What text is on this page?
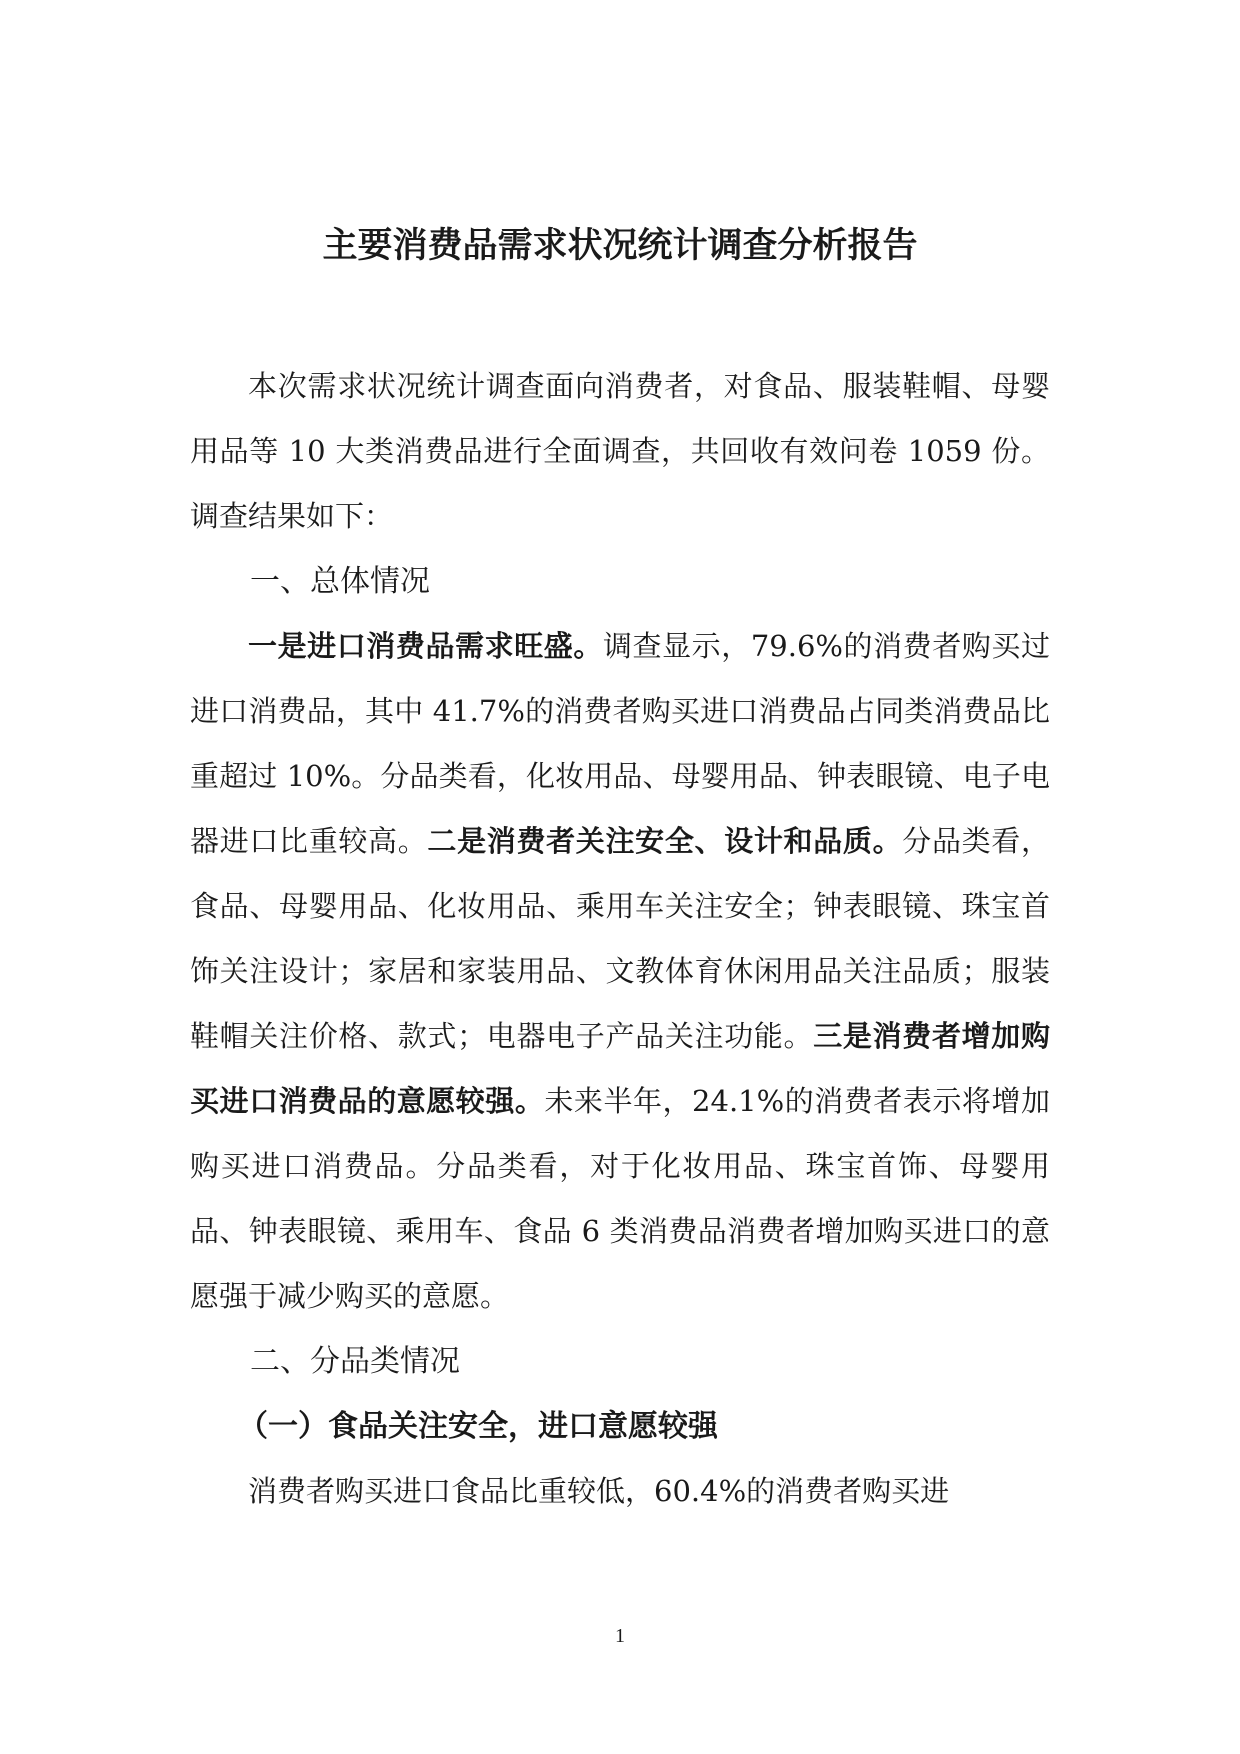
主要消费品需求状况统计调查分析报告

本次需求状况统计调查面向消费者，对食品、服装鞋帽、母婴用品等 10 大类消费品进行全面调查，共回收有效问卷 1059 份。调查结果如下：

一、总体情况

一是进口消费品需求旺盛。调查显示，79.6%的消费者购买过进口消费品，其中 41.7%的消费者购买进口消费品占同类消费品比重超过 10%。分品类看，化妆用品、母婴用品、钟表眼镜、电子电器进口比重较高。二是消费者关注安全、设计和品质。分品类看，食品、母婴用品、化妆用品、乘用车关注安全；钟表眼镜、珠宝首饰关注设计；家居和家装用品、文教体育休闲用品关注品质；服装鞋帽关注价格、款式；电器电子产品关注功能。三是消费者增加购买进口消费品的意愿较强。未来半年，24.1%的消费者表示将增加购买进口消费品。分品类看，对于化妆用品、珠宝首饰、母婴用品、钟表眼镜、乘用车、食品 6 类消费品消费者增加购买进口的意愿强于减少购买的意愿。

二、分品类情况

（一）食品关注安全，进口意愿较强

消费者购买进口食品比重较低，60.4%的消费者购买进

1
